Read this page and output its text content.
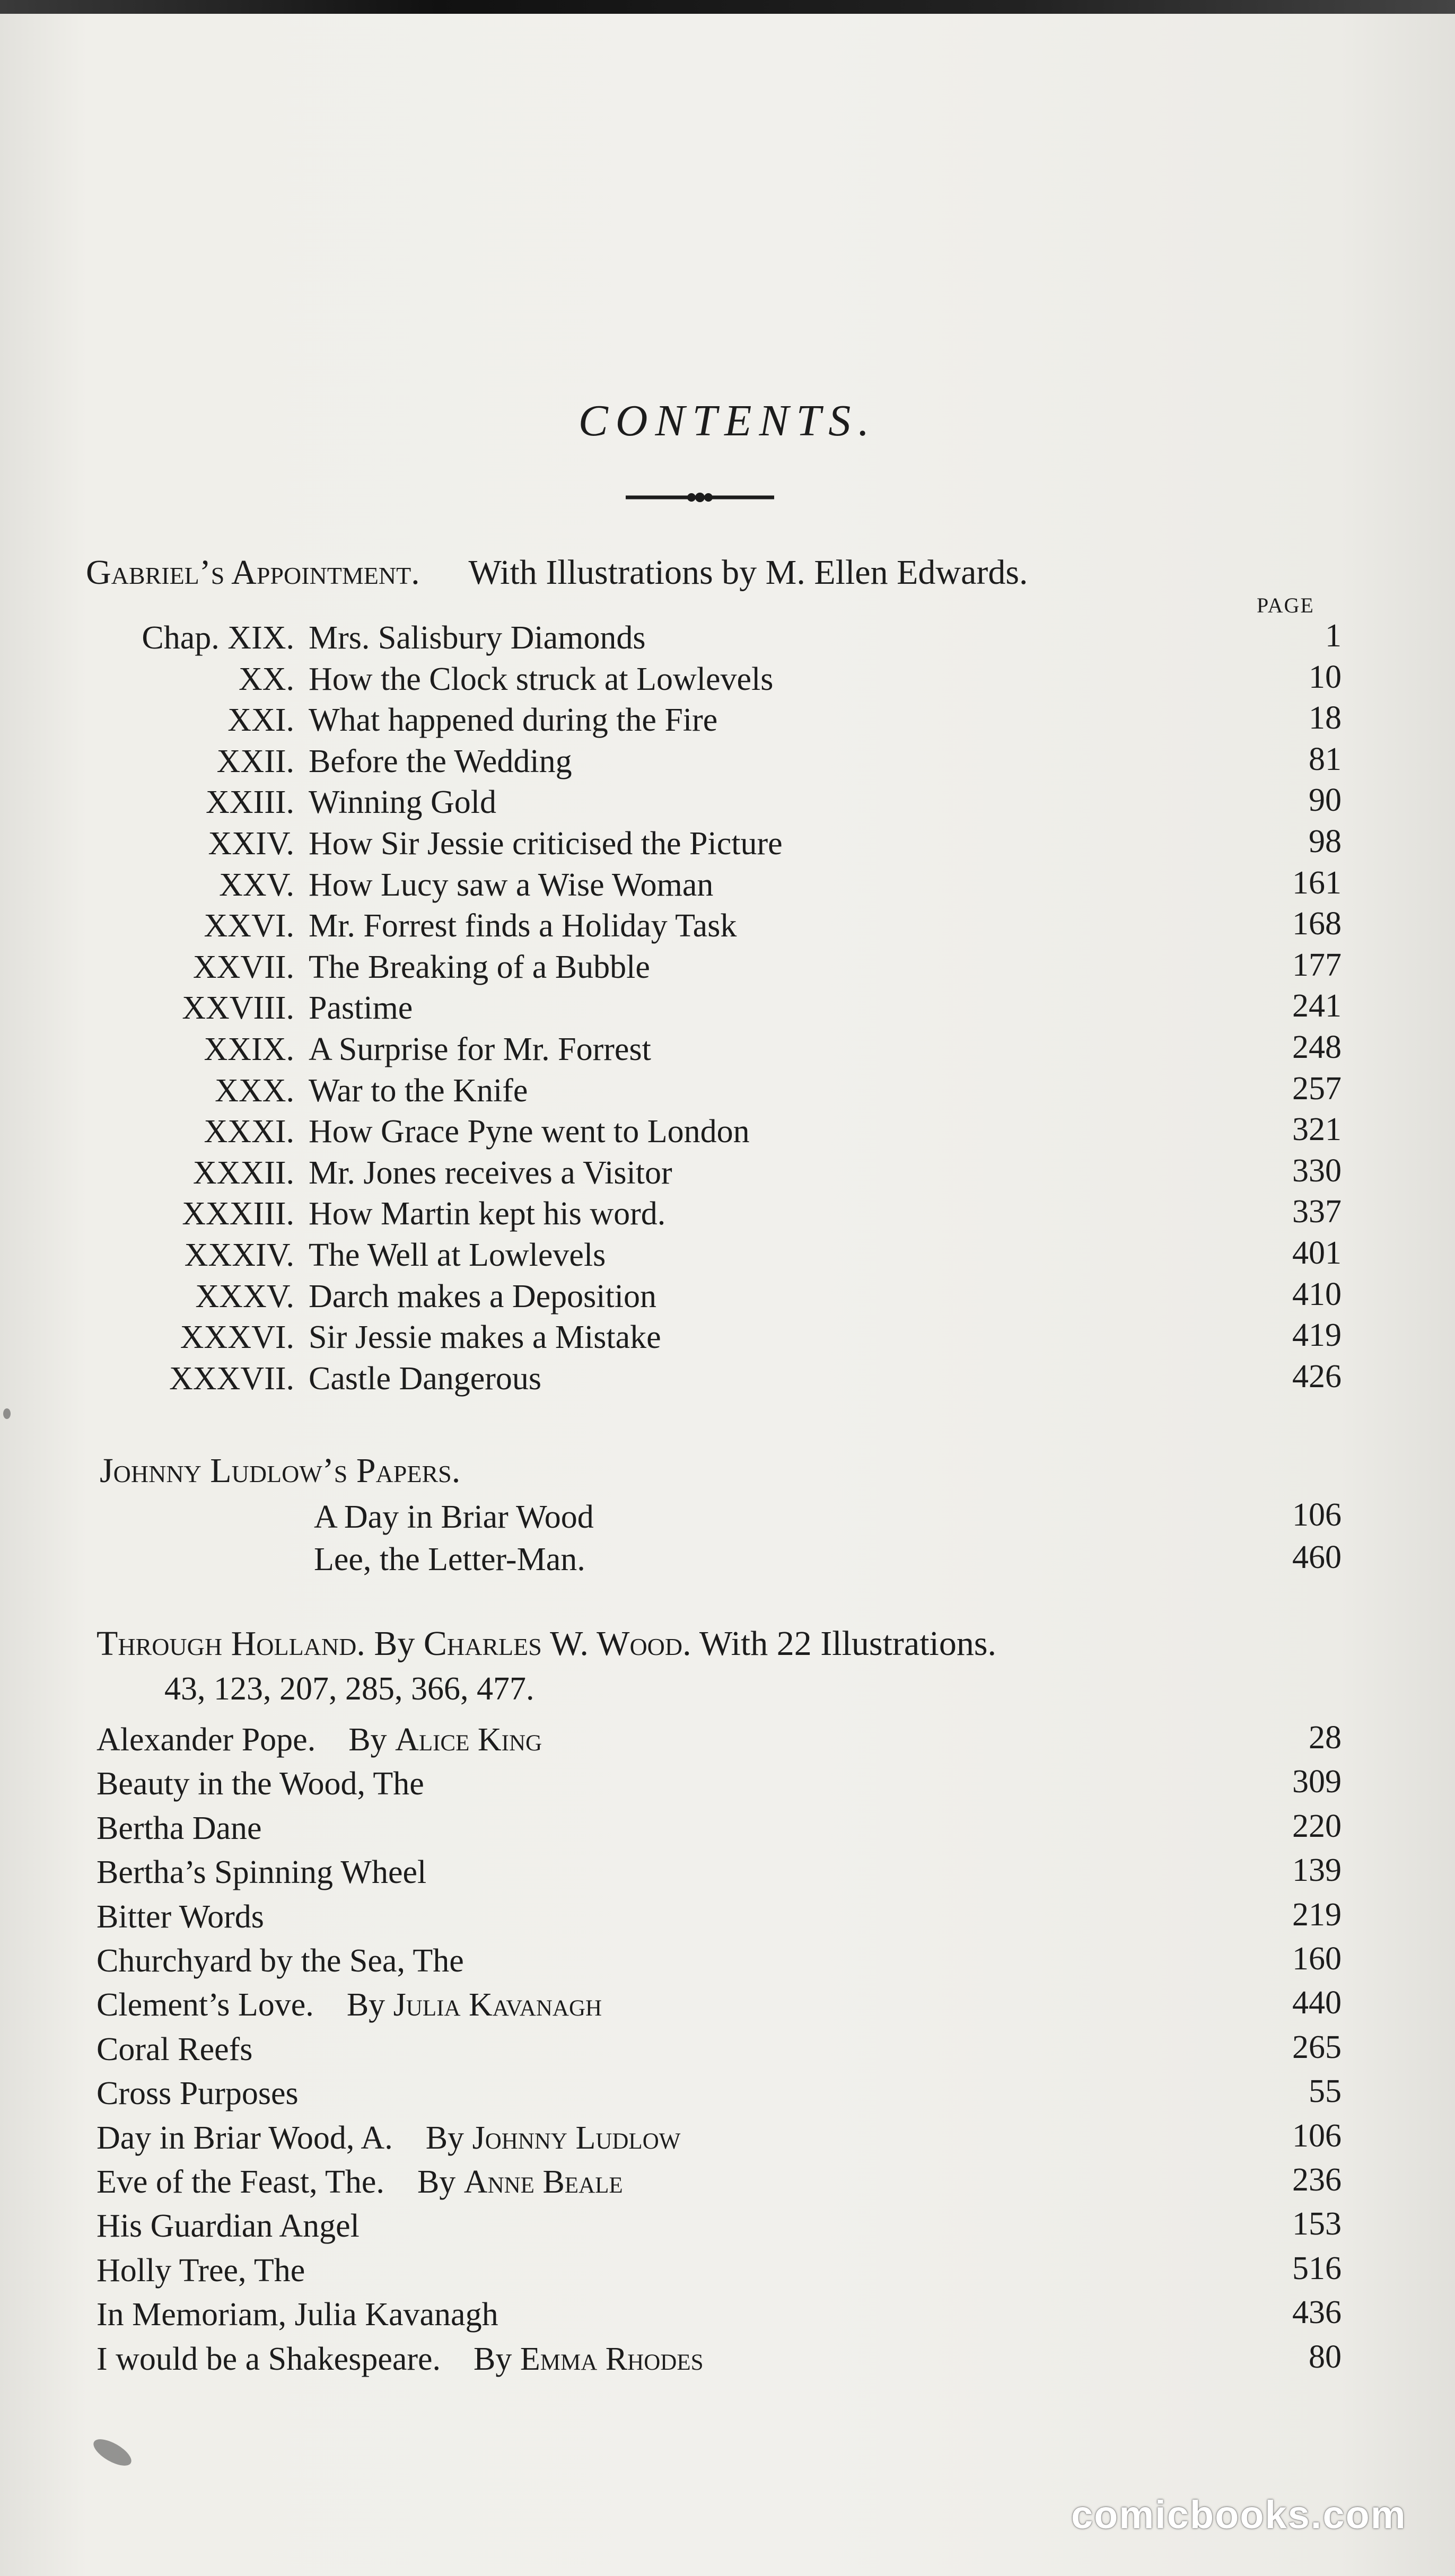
CONTENTS.
Gabriel’s Appointment. With Illustrations by M. Ellen Edwards.
PAGE
Chap. XIX. Mrs. Salisbury Diamonds	1
XX. How the Clock struck at Lowlevels	10
XXI. What happened during the Fire	18
XXII. Before the Wedding	81
XXIII. Winning Gold	90
XXIV. How Sir Jessie criticised the Picture	98
XXV. How Lucy saw a Wise Woman	161
XXVI. Mr. Forrest finds a Holiday Task	168
XXVII. The Breaking of a Bubble	177
XXVIII. Pastime	241
XXIX. A Surprise for Mr. Forrest	248
XXX. War to the Knife	257
XXXI. How Grace Pyne went to London	321
XXXII. Mr. Jones receives a Visitor	330
XXXIII. How Martin kept his word.	337
XXXIV. The Well at Lowlevels	401
XXXV. Darch makes a Deposition	410
XXXVI. Sir Jessie makes a Mistake	419
XXXVII. Castle Dangerous	426
Johnny Ludlow’s Papers.
A Day in Briar Wood	106
Lee, the Letter-Man.	460
Through Holland. By Charles W. Wood. With 22 Illustrations.
43, 123, 207, 285, 366, 477.
Alexander Pope.   By Alice King	28
Beauty in the Wood, The	309
Bertha Dane	220
Bertha’s Spinning Wheel	139
Bitter Words	219
Churchyard by the Sea, The	160
Clement’s Love.   By Julia Kavanagh	440
Coral Reefs	265
Cross Purposes	55
Day in Briar Wood, A.   By Johnny Ludlow	106
Eve of the Feast, The.   By Anne Beale	236
His Guardian Angel	153
Holly Tree, The	516
In Memoriam, Julia Kavanagh	436
I would be a Shakespeare.   By Emma Rhodes	80
comicbooks.com
